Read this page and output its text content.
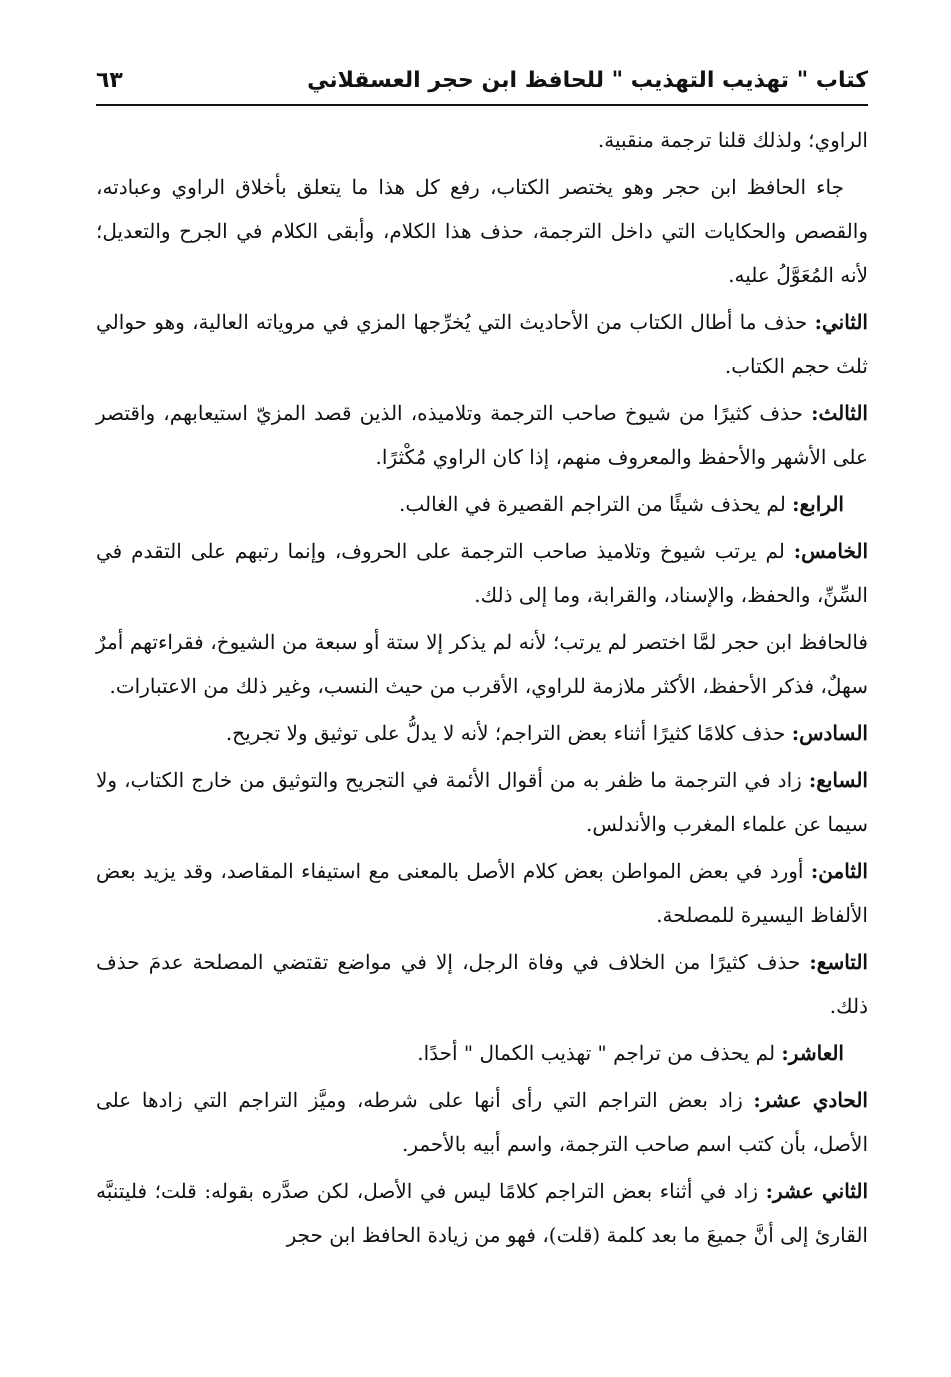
كتاب " تهذيب التهذيب " للحافظ ابن حجر العسقلاني
٦٣

الراوي؛ ولذلك قلنا ترجمة منقبية.

جاء الحافظ ابن حجر وهو يختصر الكتاب، رفع كل هذا ما يتعلق بأخلاق الراوي وعبادته، والقصص والحكايات التي داخل الترجمة، حذف هذا الكلام، وأبقى الكلام في الجرح والتعديل؛ لأنه المُعَوَّلُ عليه.

الثاني: حذف ما أطال الكتاب من الأحاديث التي يُخرِّجها المزي في مروياته العالية، وهو حوالي ثلث حجم الكتاب.

الثالث: حذف كثيرًا من شيوخ صاحب الترجمة وتلاميذه، الذين قصد المزيّ استيعابهم، واقتصر على الأشهر والأحفظ والمعروف منهم، إذا كان الراوي مُكْثرًا.

الرابع: لم يحذف شيئًا من التراجم القصيرة في الغالب.

الخامس: لم يرتب شيوخ وتلاميذ صاحب الترجمة على الحروف، وإنما رتبهم على التقدم في السِّنِّ، والحفظ، والإسناد، والقرابة، وما إلى ذلك.

فالحافظ ابن حجر لمَّا اختصر لم يرتب؛ لأنه لم يذكر إلا ستة أو سبعة من الشيوخ، فقراءتهم أمرٌ سهلٌ، فذكر الأحفظ، الأكثر ملازمة للراوي، الأقرب من حيث النسب، وغير ذلك من الاعتبارات.

السادس: حذف كلامًا كثيرًا أثناء بعض التراجم؛ لأنه لا يدلُّ على توثيق ولا تجريح.

السابع: زاد في الترجمة ما ظفر به من أقوال الأئمة في التجريح والتوثيق من خارج الكتاب، ولا سيما عن علماء المغرب والأندلس.

الثامن: أورد في بعض المواطن بعض كلام الأصل بالمعنى مع استيفاء المقاصد، وقد يزيد بعض الألفاظ اليسيرة للمصلحة.

التاسع: حذف كثيرًا من الخلاف في وفاة الرجل، إلا في مواضع تقتضي المصلحة عدمَ حذف ذلك.

العاشر: لم يحذف من تراجم " تهذيب الكمال " أحدًا.

الحادي عشر: زاد بعض التراجم التي رأى أنها على شرطه، وميَّز التراجم التي زادها على الأصل، بأن كتب اسم صاحب الترجمة، واسم أبيه بالأحمر.

الثاني عشر: زاد في أثناء بعض التراجم كلامًا ليس في الأصل، لكن صدَّره بقوله: قلت؛ فليتنبَّه القارئ إلى أنَّ جميعَ ما بعد كلمة (قلت)، فهو من زيادة الحافظ ابن حجر
